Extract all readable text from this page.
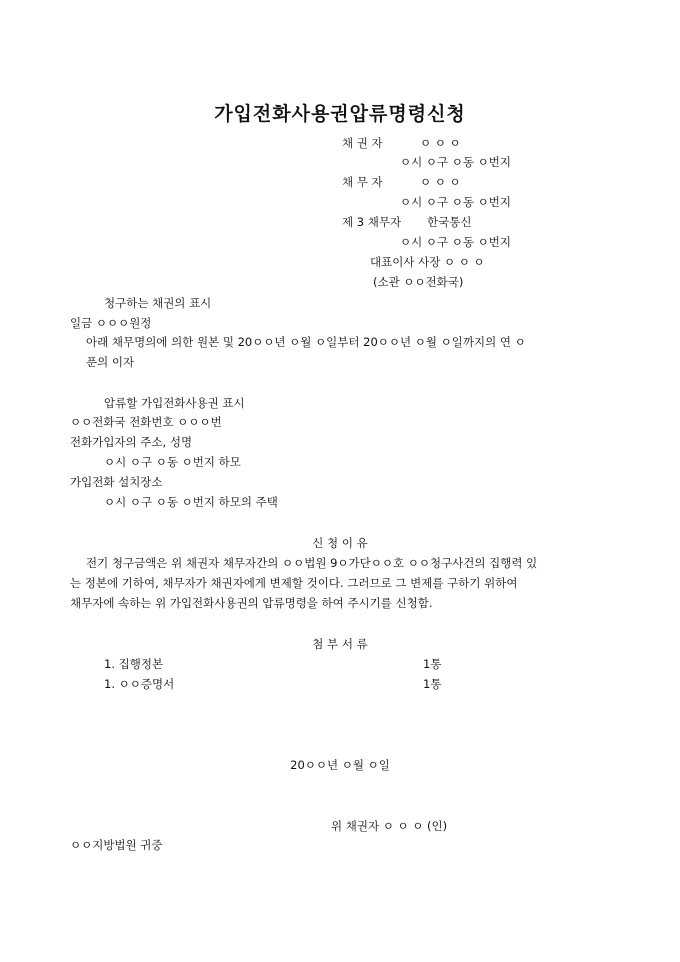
가입전화사용권압류명령신청
채 권 자	ㅇ ㅇ ㅇ
ㅇ시 ㅇ구 ㅇ동 ㅇ번지
채 무 자	ㅇ ㅇ ㅇ
ㅇ시 ㅇ구 ㅇ동 ㅇ번지
제 3 채무자 한국통신
ㅇ시 ㅇ구 ㅇ동 ㅇ번지
대표이사 사장 ㅇ ㅇ ㅇ
(소관 ㅇㅇ전화국)
청구하는 채권의 표시
일금 ㅇㅇㅇ원정
아래 채무명의에 의한 원본 및 20ㅇㅇ년 ㅇ월 ㅇ일부터 20ㅇㅇ년 ㅇ월 ㅇ일까지의 연 ㅇ
푼의 이자
압류할 가입전화사용권 표시
ㅇㅇ전화국 전화번호 ㅇㅇㅇ번
전화가입자의 주소, 성명
ㅇ시 ㅇ구 ㅇ동 ㅇ번지 하모
가입전화 설치장소
ㅇ시 ㅇ구 ㅇ동 ㅇ번지 하모의 주택
신 청 이 유
전기 청구금액은 위 채권자 채무자간의 ㅇㅇ법원 9ㅇ가단ㅇㅇ호 ㅇㅇ청구사건의 집행력 있
는 정본에 기하여, 채무자가 채권자에게 변제할 것이다. 그러므로 그 변제를 구하기 위하여
채무자에 속하는 위 가입전화사용권의 압류명령을 하여 주시기를 신청함.
첨 부 서 류
1. 집행정본	1통
1. ㅇㅇ증명서	1통
20ㅇㅇ년 ㅇ월 ㅇ일
위 채권자 ㅇ ㅇ ㅇ (인)
ㅇㅇ지방법원 귀중
